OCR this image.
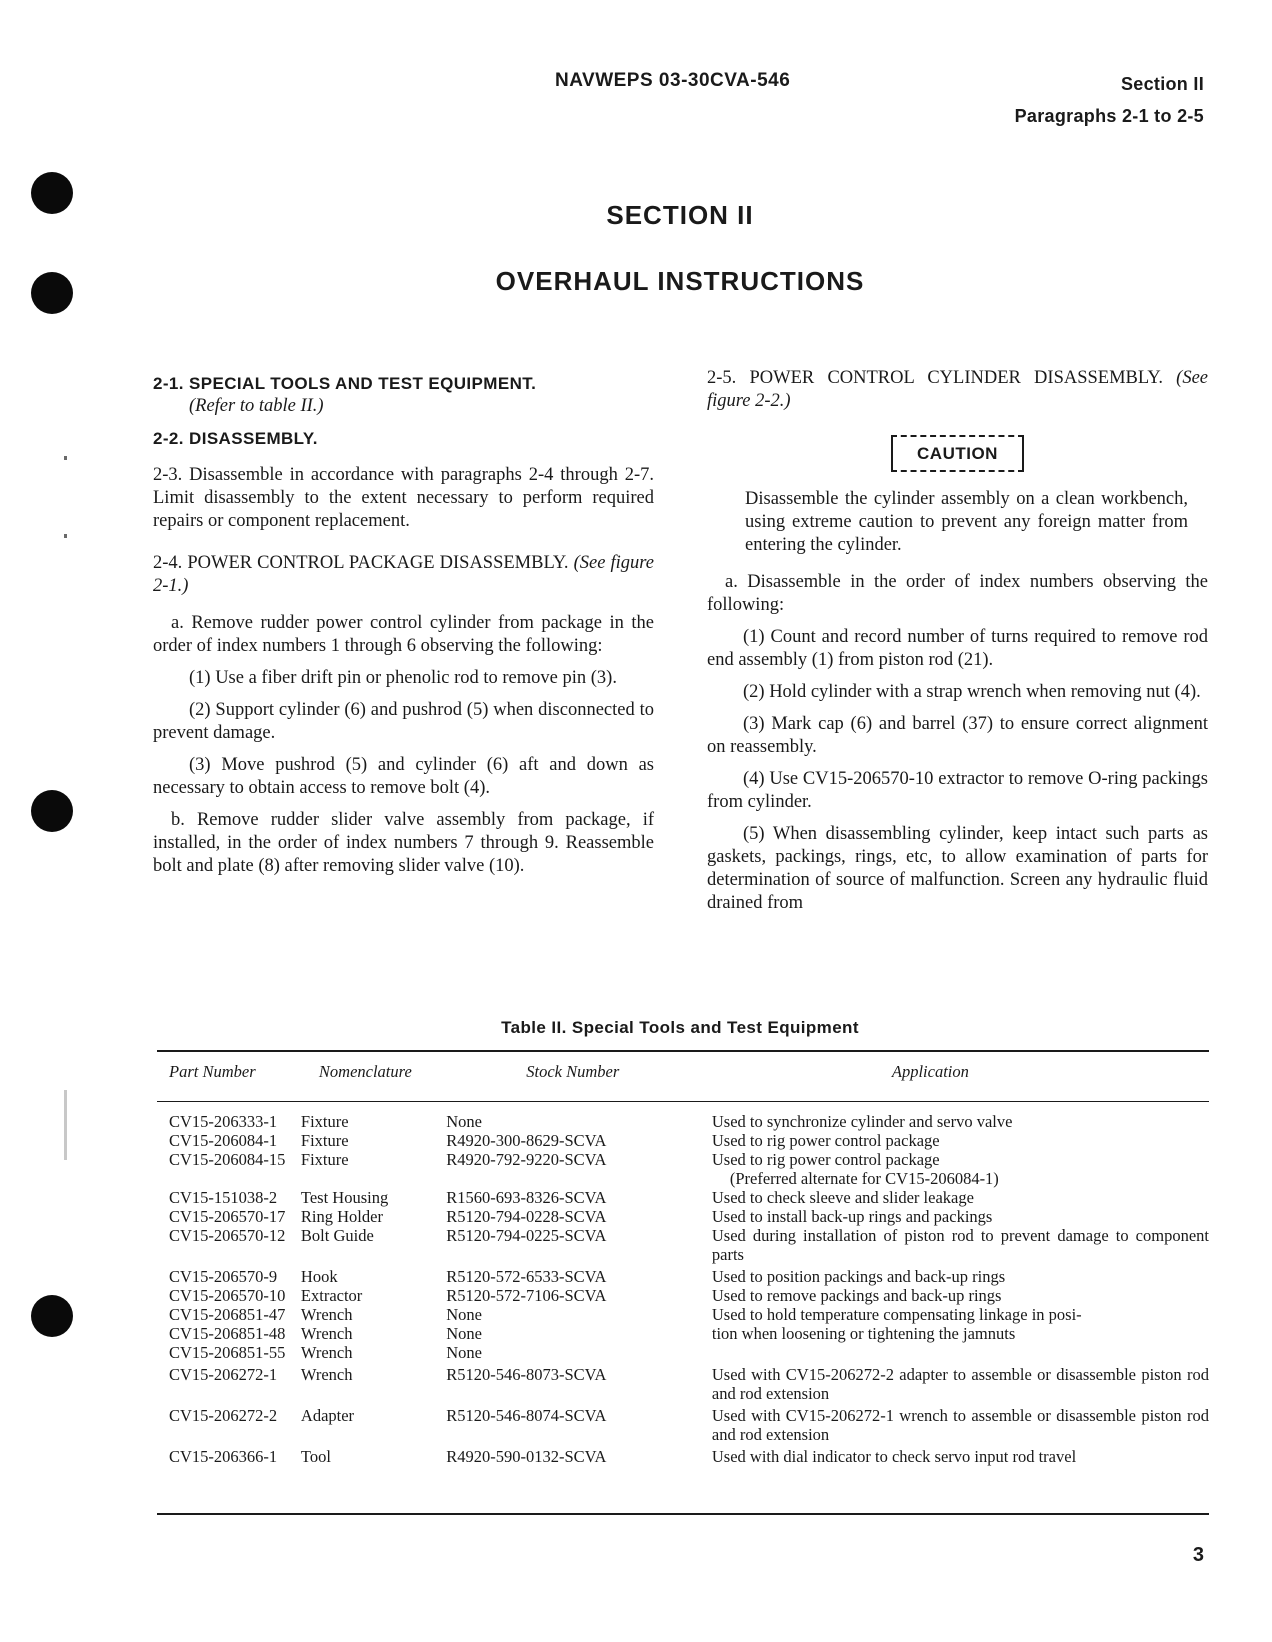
NAVWEPS 03-30CVA-546	Section II
Paragraphs 2-1 to 2-5
SECTION II
OVERHAUL INSTRUCTIONS

2-1. SPECIAL TOOLS AND TEST EQUIPMENT.

(Refer to table II.)

2-2. DISASSEMBLY.

2-3. Disassemble in accordance with paragraphs 2-4 through 2-7. Limit disassembly to the extent necessary to perform required repairs or component replacement.

2-4. POWER CONTROL PACKAGE DISASSEMBLY. (See figure 2-1.)

a. Remove rudder power control cylinder from package in the order of index numbers 1 through 6 observing the following:

(1) Use a fiber drift pin or phenolic rod to remove pin (3).

(2) Support cylinder (6) and pushrod (5) when disconnected to prevent damage.

(3) Move pushrod (5) and cylinder (6) aft and down as necessary to obtain access to remove bolt (4).

b. Remove rudder slider valve assembly from package, if installed, in the order of index numbers 7 through 9. Reassemble bolt and plate (8) after removing slider valve (10).

2-5. POWER CONTROL CYLINDER DISASSEMBLY. (See figure 2-2.)

CAUTION

Disassemble the cylinder assembly on a clean workbench, using extreme caution to prevent any foreign matter from entering the cylinder.

a. Disassemble in the order of index numbers observing the following:

(1) Count and record number of turns required to remove rod end assembly (1) from piston rod (21).

(2) Hold cylinder with a strap wrench when removing nut (4).

(3) Mark cap (6) and barrel (37) to ensure correct alignment on reassembly.

(4) Use CV15-206570-10 extractor to remove O-ring packings from cylinder.

(5) When disassembling cylinder, keep intact such parts as gaskets, packings, rings, etc, to allow examination of parts for determination of source of malfunction. Screen any hydraulic fluid drained from

Table II. Special Tools and Test Equipment
Part Number	Nomenclature	Stock Number	Application

CV15-206333-1	Fixture	None	Used to synchronize cylinder and servo valve

CV15-206084-1	Fixture	R4920-300-8629-SCVA	Used to rig power control package

CV15-206084-15	Fixture	R4920-792-9220-SCVA	Used to rig power control package
(Preferred alternate for CV15-206084-1)

CV15-151038-2	Test Housing	R1560-693-8326-SCVA	Used to check sleeve and slider leakage

CV15-206570-17	Ring Holder	R5120-794-0228-SCVA	Used to install back-up rings and packings

CV15-206570-12	Bolt Guide	R5120-794-0225-SCVA	Used during installation of piston rod to prevent damage to component parts

CV15-206570-9	Hook	R5120-572-6533-SCVA	Used to position packings and back-up rings

CV15-206570-10	Extractor	R5120-572-7106-SCVA	Used to remove packings and back-up rings

CV15-206851-47	Wrench	None	Used to hold temperature compensating linkage in posi-

CV15-206851-48	Wrench	None	tion when loosening or tightening the jamnuts

CV15-206851-55	Wrench	None	

CV15-206272-1	Wrench	R5120-546-8073-SCVA	Used with CV15-206272-2 adapter to assemble or disassemble piston rod and rod extension

CV15-206272-2	Adapter	R5120-546-8074-SCVA	Used with CV15-206272-1 wrench to assemble or disassemble piston rod and rod extension

CV15-206366-1	Tool	R4920-590-0132-SCVA	Used with dial indicator to check servo input rod travel
3
